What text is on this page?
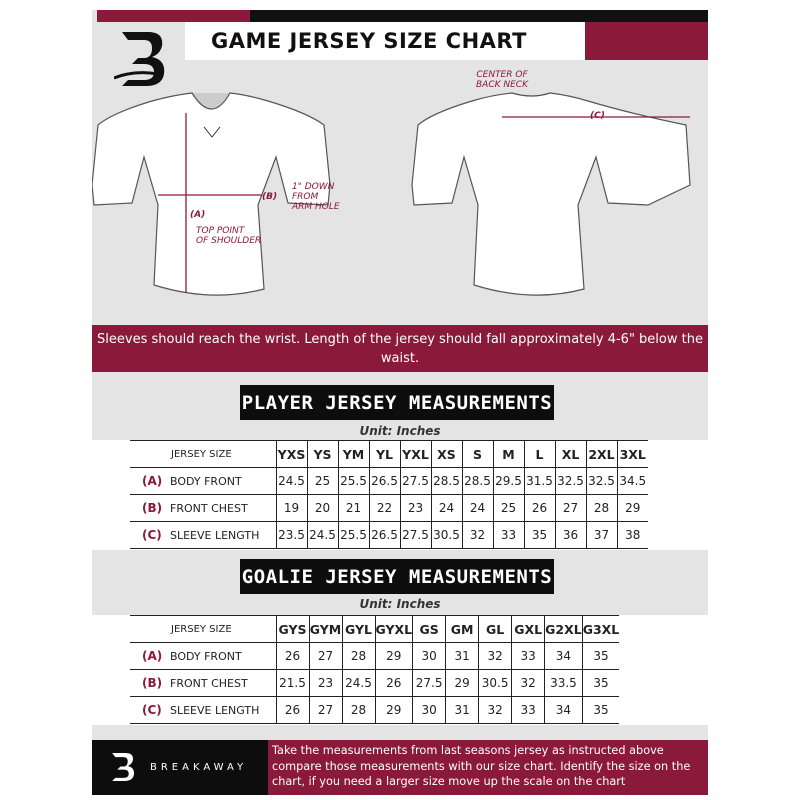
GAME JERSEY SIZE CHART
(A)
TOP POINT
OF SHOULDER
(B)
1" DOWN
FROM
ARM HOLE
(C)
CENTER OF
BACK NECK
Sleeves should reach the wrist. Length of the jersey should fall approximately 4-6" below the waist.
PLAYER JERSEY MEASUREMENTS
Unit: Inches
JERSEY SIZE	YXS	YS	YM	YL	YXL	XS	S	M	L	XL	2XL	3XL
(A) BODY FRONT	24.5	25	25.5	26.5	27.5	28.5	28.5	29.5	31.5	32.5	32.5	34.5
(B) FRONT CHEST	19	20	21	22	23	24	24	25	26	27	28	29
(C) SLEEVE LENGTH	23.5	24.5	25.5	26.5	27.5	30.5	32	33	35	36	37	38
GOALIE JERSEY MEASUREMENTS
Unit: Inches
JERSEY SIZE	GYS	GYM	GYL	GYXL	GS	GM	GL	GXL	G2XL	G3XL
(A) BODY FRONT	26	27	28	29	30	31	32	33	34	35
(B) FRONT CHEST	21.5	23	24.5	26	27.5	29	30.5	32	33.5	35
(C) SLEEVE LENGTH	26	27	28	29	30	31	32	33	34	35
BREAKAWAY
Take the measurements from last seasons jersey as instructed above compare those measurements with our size chart. Identify the size on the chart, if you need a larger size move up the scale on the chart
